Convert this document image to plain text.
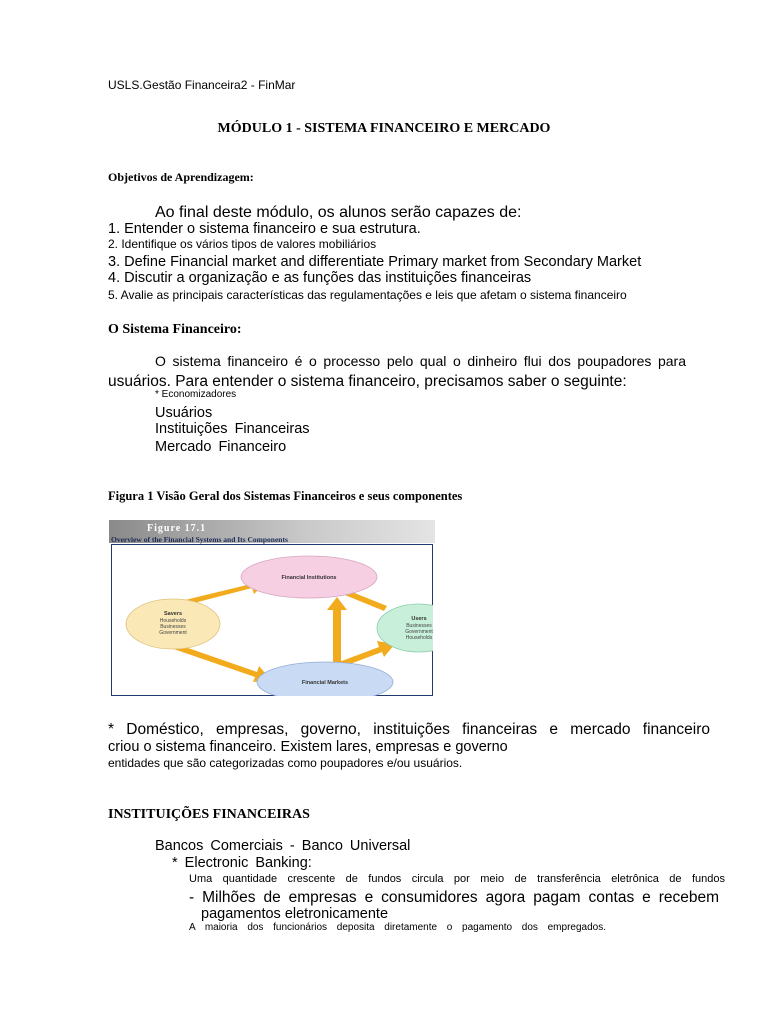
USLS.Gestão Financeira2 - FinMar
MÓDULO 1 - SISTEMA FINANCEIRO E MERCADO
Objetivos de Aprendizagem:
Ao final deste módulo, os alunos serão capazes de:
1. Entender o sistema financeiro e sua estrutura.
2. Identifique os vários tipos de valores mobiliários
3. Define Financial market and differentiate Primary market from Secondary Market
4. Discutir a organização e as funções das instituições financeiras
5. Avalie as principais características das regulamentações e leis que afetam o sistema financeiro
O Sistema Financeiro:
O sistema financeiro é o processo pelo qual o dinheiro flui dos poupadores para
usuários. Para entender o sistema financeiro, precisamos saber o seguinte:
* Economizadores
Usuários
Instituições Financeiras
Mercado Financeiro
Figura 1 Visão Geral dos Sistemas Financeiros e seus componentes
Figure 17.1
Overview of the Financial Systems and Its Components
Financial Institutions
Savers
Households
Businesses
Government
Users
Businesses
Government
Households
Financial Markets
* Doméstico, empresas, governo, instituições financeiras e mercado financeiro
criou o sistema financeiro. Existem lares, empresas e governo
entidades que são categorizadas como poupadores e/ou usuários.
INSTITUIÇÕES FINANCEIRAS
Bancos Comerciais - Banco Universal
* Electronic Banking:
Uma quantidade crescente de fundos circula por meio de transferência eletrônica de fundos
- Milhões de empresas e consumidores agora pagam contas e recebem
pagamentos eletronicamente
A maioria dos funcionários deposita diretamente o pagamento dos empregados.
